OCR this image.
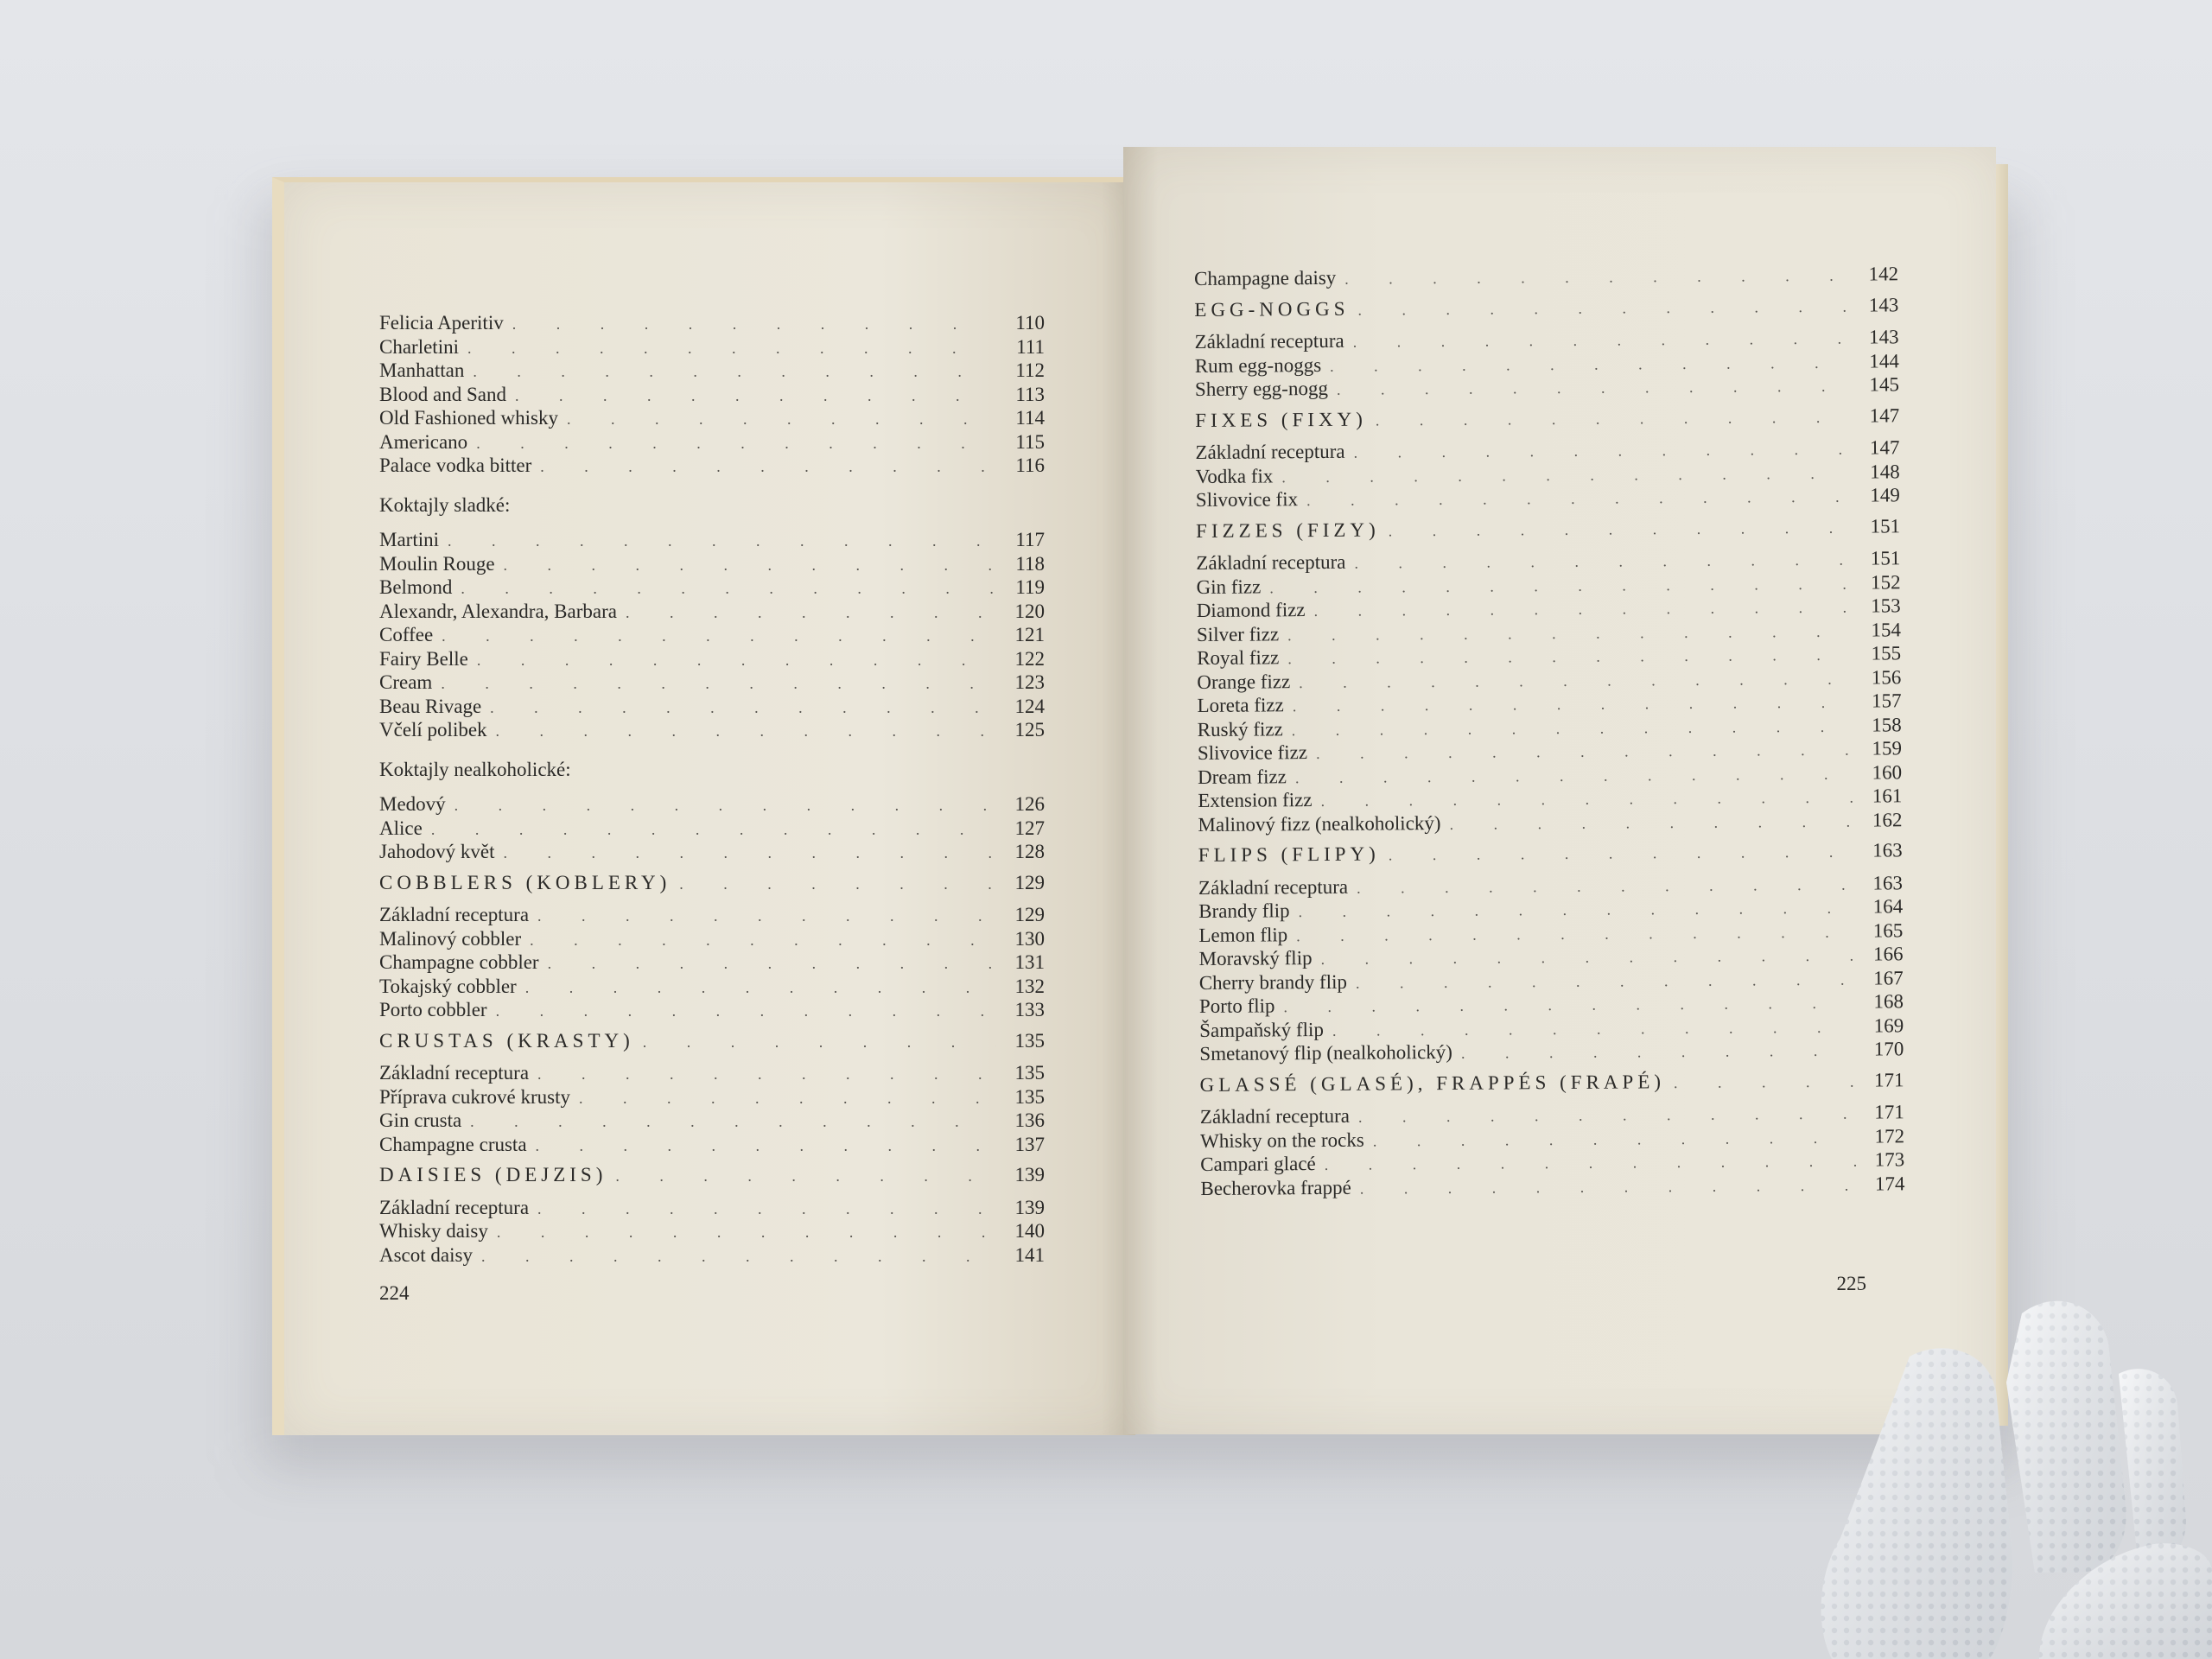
Felicia Aperitiv . . .	110
Charletini . . .	111
Manhattan . . .	112
Blood and Sand . . .	113
Old Fashioned whisky . . .	114
Americano . . .	115
Palace vodka bitter . . .	116
Koktajly sladké:
Martini . . .	117
Moulin Rouge . . .	118
Belmond . . .	119
Alexandr, Alexandra, Barbara . . .	120
Coffee . . .	121
Fairy Belle . . .	122
Cream . . .	123
Beau Rivage . . .	124
Včelí polibek . . .	125
Koktajly nealkoholické:
Medový . . .	126
Alice . . .	127
Jahodový květ . . .	128
COBBLERS (KOBLERY) . . .	129
Základní receptura . . .	129
Malinový cobbler . . .	130
Champagne cobbler . . .	131
Tokajský cobbler . . .	132
Porto cobbler . . .	133
CRUSTAS (KRASTY) . . .	135
Základní receptura . . .	135
Příprava cukrové krusty . . .	135
Gin crusta . . .	136
Champagne crusta . . .	137
DAISIES (DEJZIS) . . .	139
Základní receptura . . .	139
Whisky daisy . . .	140
Ascot daisy . . .	141
224
Champagne daisy . . .	142
EGG-NOGGS . . .	143
Základní receptura . . .	143
Rum egg-noggs . . .	144
Sherry egg-nogg . . .	145
FIXES (FIXY) . . .	147
Základní receptura . . .	147
Vodka fix . . .	148
Slivovice fix . . .	149
FIZZES (FIZY) . . .	151
Základní receptura . . .	151
Gin fizz . . .	152
Diamond fizz . . .	153
Silver fizz . . .	154
Royal fizz . . .	155
Orange fizz . . .	156
Loreta fizz . . .	157
Ruský fizz . . .	158
Slivovice fizz . . .	159
Dream fizz . . .	160
Extension fizz . . .	161
Malinový fizz (nealkoholický) . . .	162
FLIPS (FLIPY) . . .	163
Základní receptura . . .	163
Brandy flip . . .	164
Lemon flip . . .	165
Moravský flip . . .	166
Cherry brandy flip . . .	167
Porto flip . . .	168
Šampaňský flip . . .	169
Smetanový flip (nealkoholický) . . .	170
GLASSÉ (GLASÉ), FRAPPÉS (FRAPÉ) . . .	171
Základní receptura . . .	171
Whisky on the rocks . . .	172
Campari glacé . . .	173
Becherovka frappé . . .	174
225
